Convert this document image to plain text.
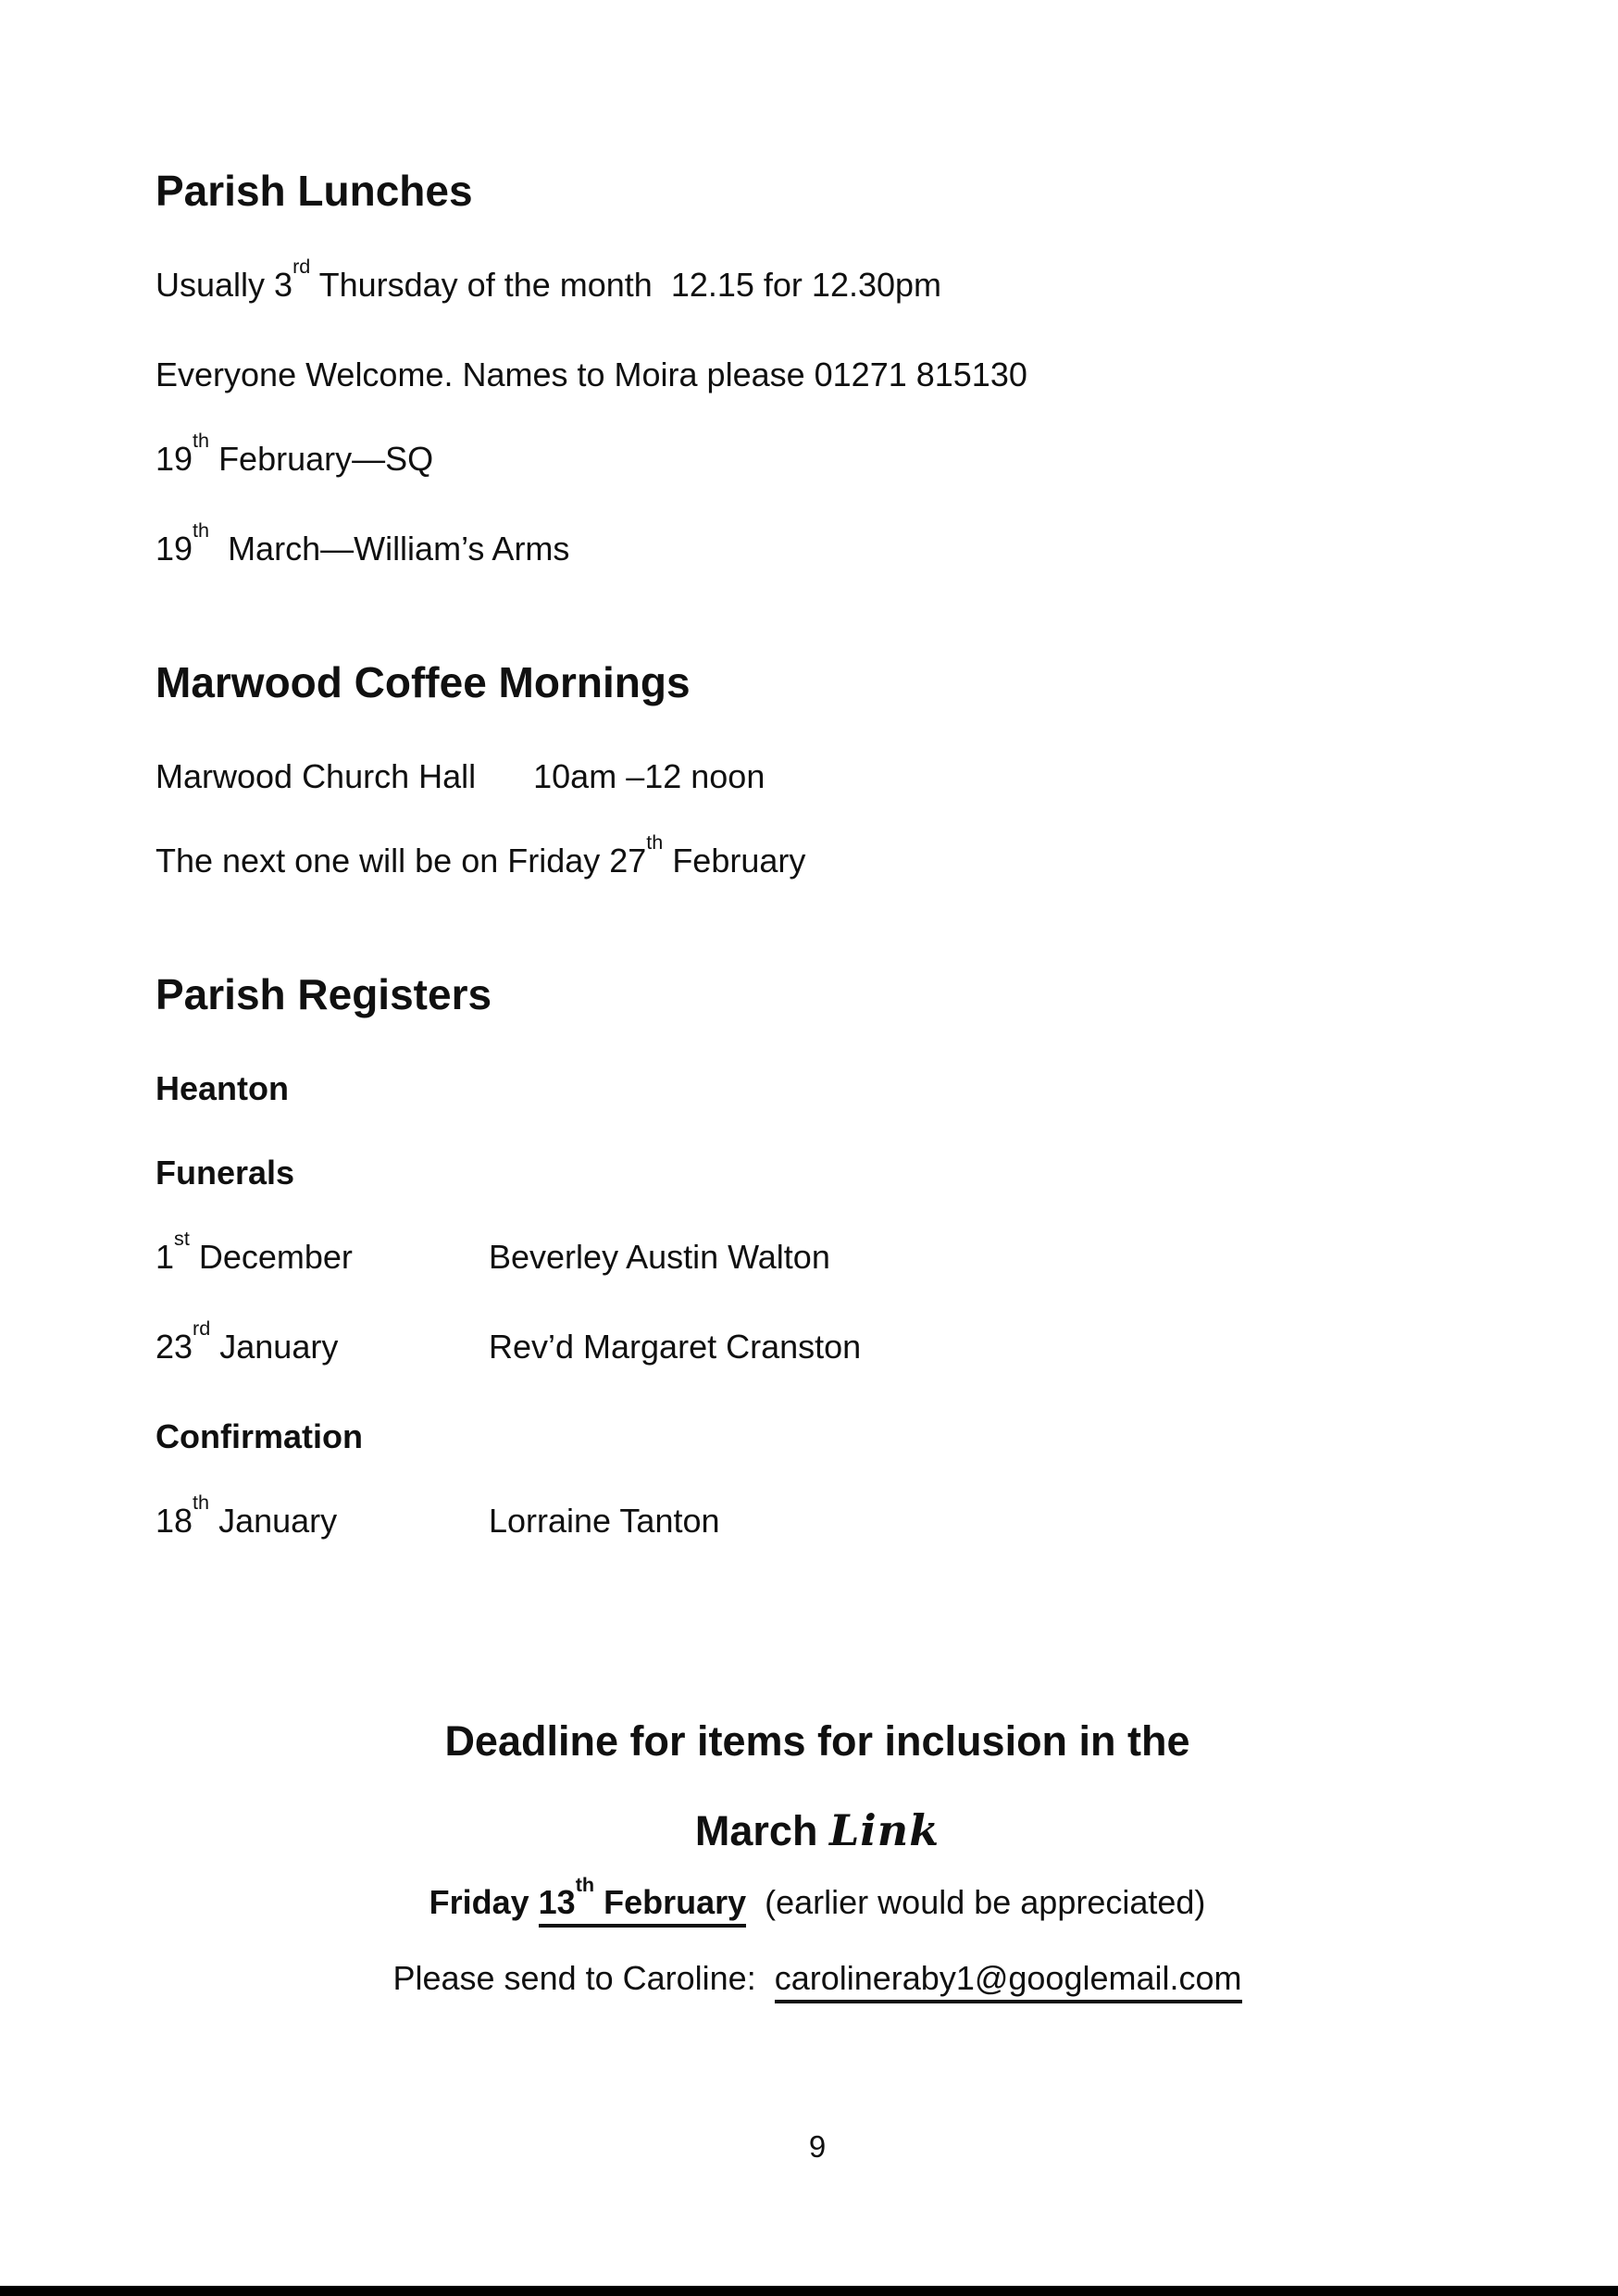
Parish Lunches

Usually 3rd Thursday of the month  12.15 for 12.30pm

Everyone Welcome. Names to Moira please 01271 815130

19th February—SQ

19th  March—William’s Arms

Marwood Coffee Mornings

Marwood Church Hall 10am –12 noon

The next one will be on Friday 27th February

Parish Registers

Heanton

Funerals

1st December	Beverley Austin Walton
23rd January	Rev’d Margaret Cranston

Confirmation

18th January	Lorraine Tanton
Deadline for items for inclusion in the
March Link
Friday 13th February  (earlier would be appreciated)
Please send to Caroline:  carolineraby1@googlemail.com
9
